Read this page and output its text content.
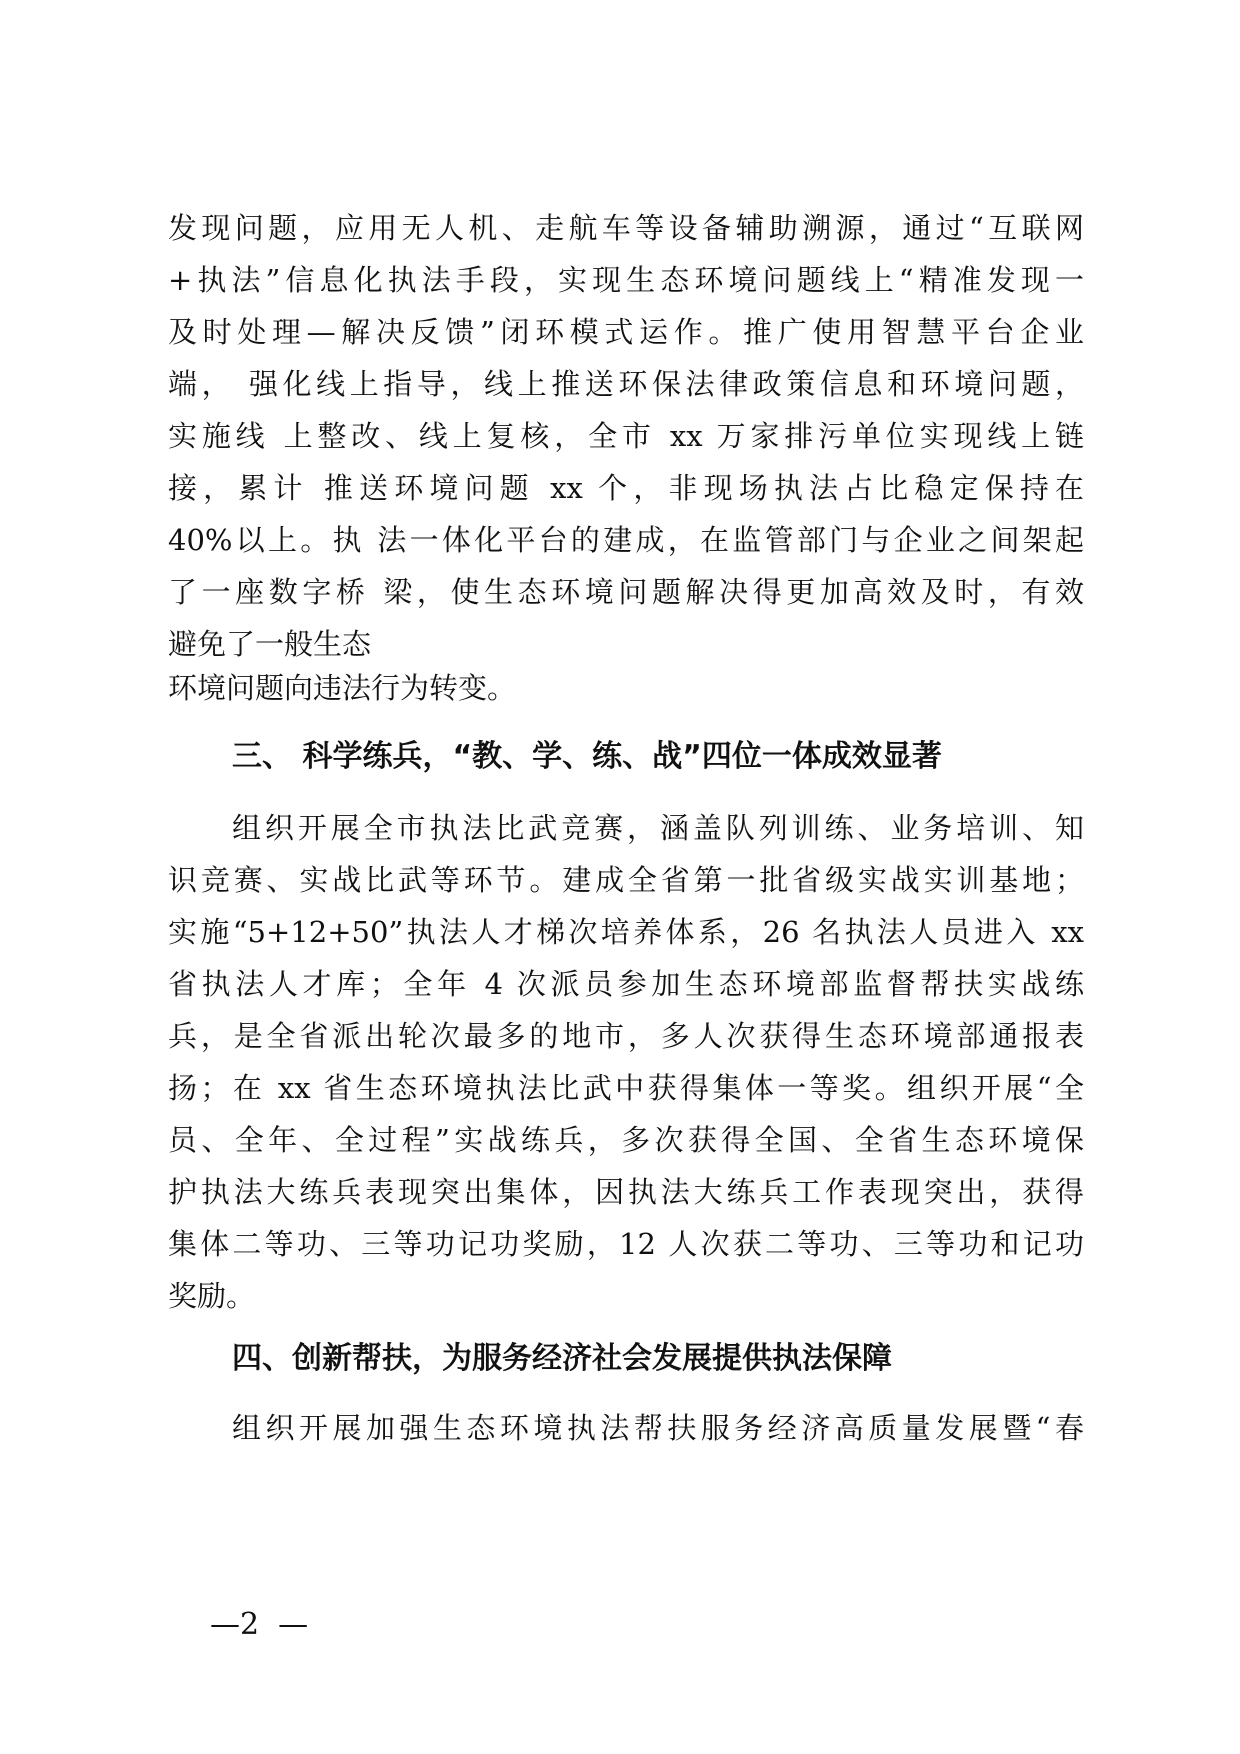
发现问题，应用无人机、走航车等设备辅助溯源，通过“互联网
+执法”信息化执法手段，实现生态环境问题线上“精准发现一
及时处理—解决反馈”闭环模式运作。推广使用智慧平台企业
端， 强化线上指导，线上推送环保法律政策信息和环境问题，
实施线 上整改、线上复核，全市 xx 万家排污单位实现线上链
接，累计 推送环境问题 xx 个，非现场执法占比稳定保持在
40%以上。执 法一体化平台的建成，在监管部门与企业之间架起
了一座数字桥 梁，使生态环境问题解决得更加高效及时，有效
避免了一般生态
环境问题向违法行为转变。
三、 科学练兵，“教、学、练、战”四位一体成效显著
组织开展全市执法比武竞赛，涵盖队列训练、业务培训、知
识竞赛、实战比武等环节。建成全省第一批省级实战实训基地；
实施“5+12+50”执法人才梯次培养体系，26 名执法人员进入 xx
省执法人才库；全年 4 次派员参加生态环境部监督帮扶实战练
兵，是全省派出轮次最多的地市，多人次获得生态环境部通报表
扬；在 xx 省生态环境执法比武中获得集体一等奖。组织开展“全
员、全年、全过程”实战练兵，多次获得全国、全省生态环境保
护执法大练兵表现突出集体，因执法大练兵工作表现突出，获得
集体二等功、三等功记功奖励，12 人次获二等功、三等功和记功
奖励。
四、创新帮扶，为服务经济社会发展提供执法保障
组织开展加强生态环境执法帮扶服务经济高质量发展暨“春
—2  —
